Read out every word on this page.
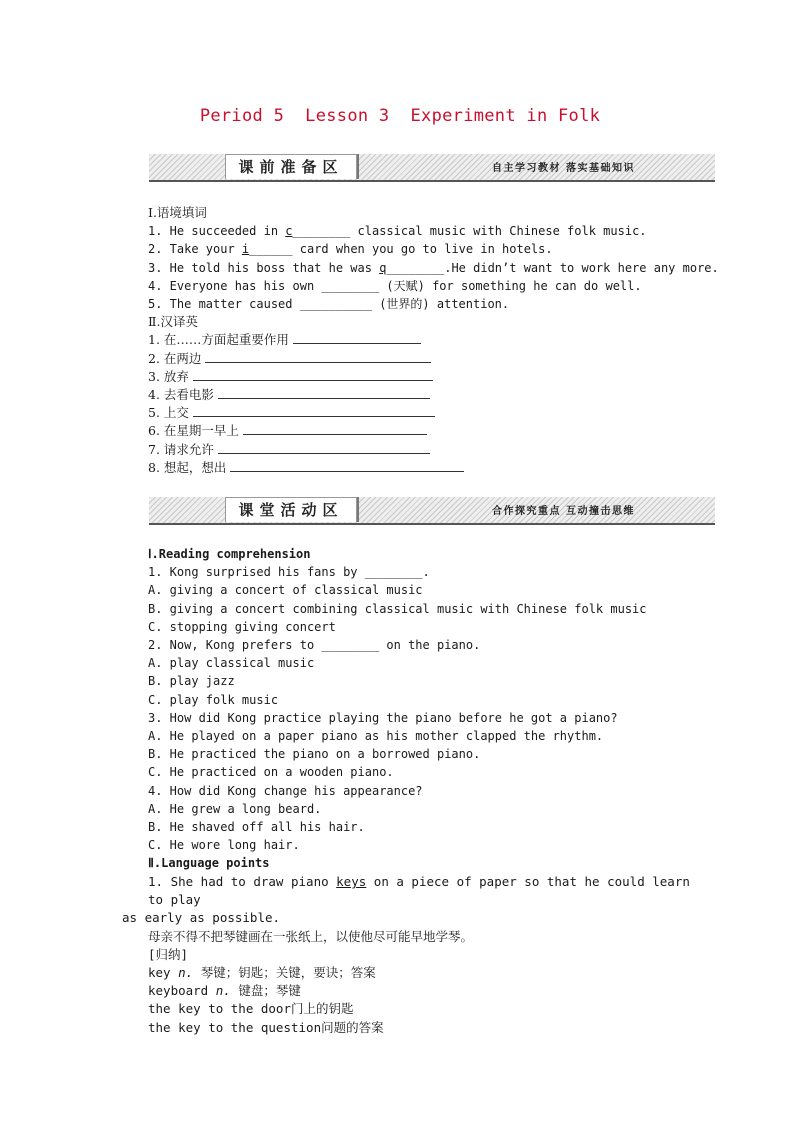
Period 5  Lesson 3  Experiment in Folk
课前准备区	自主学习教材 落实基础知识
Ⅰ.语境填词
1. He succeeded in c________ classical music with Chinese folk music.
2. Take your i______ card when you go to live in hotels.
3. He told his boss that he was q________.He didn’t want to work here any more.
4. Everyone has his own ________ (天赋) for something he can do well.
5. The matter caused __________ (世界的) attention.
Ⅱ.汉译英
1. 在……方面起重要作用
2. 在两边
3. 放弃
4. 去看电影
5. 上交
6. 在星期一早上
7. 请求允许
8. 想起，想出
课堂活动区	合作探究重点 互动撞击思维
Ⅰ.Reading comprehension
1. Kong surprised his fans by ________.
A. giving a concert of classical music
B. giving a concert combining classical music with Chinese folk music
C. stopping giving concert
2. Now, Kong prefers to ________ on the piano.
A. play classical music
B. play jazz
C. play folk music
3. How did Kong practice playing the piano before he got a piano?
A. He played on a paper piano as his mother clapped the rhythm.
B. He practiced the piano on a borrowed piano.
C. He practiced on a wooden piano.
4. How did Kong change his appearance?
A. He grew a long beard.
B. He shaved off all his hair.
C. He wore long hair.
Ⅱ.Language points
1. She had to draw piano keys on a piece of paper so that he could learn to play
as early as possible.
母亲不得不把琴键画在一张纸上，以使他尽可能早地学琴。
[归纳]
key n. 琴键；钥匙；关键，要诀；答案
keyboard n. 键盘；琴键
the key to the door门上的钥匙
the key to the question问题的答案
